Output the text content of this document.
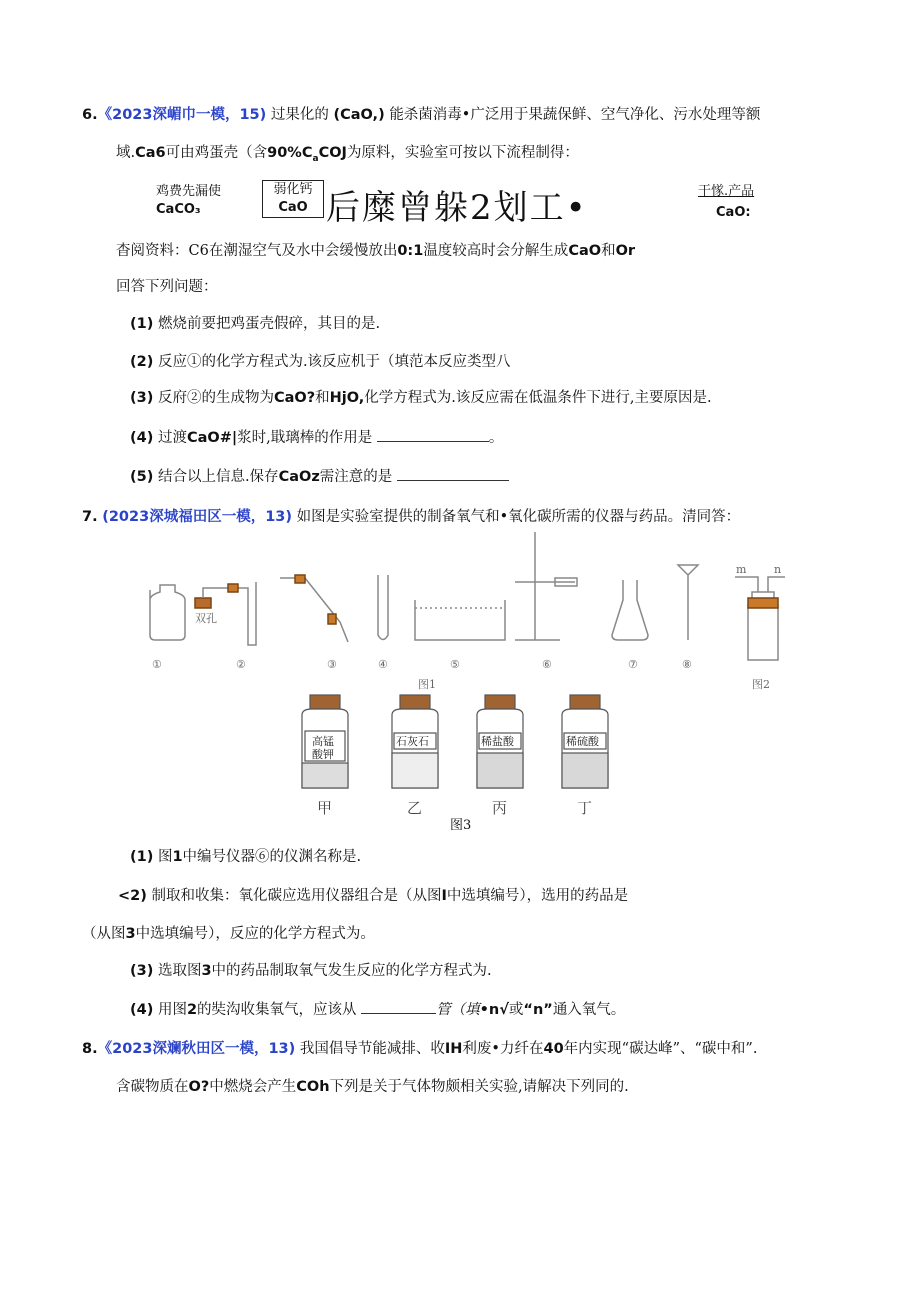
6.《2023深嵋巾一模，15) 过果化的 (CaO,) 能杀菌消毒•广泛用于果蔬保鲜、空气净化、污水处理等额
域.Ca6可由鸡蛋壳（含$90\%C_aCOJ$为原料，实验室可按以下流程制得：
鸡费先漏使
CaCO₃
弱化钙
CaO 后糜曾躲2划工•	干㥞.产品
CaO:
杳阅资料：C6在潮湿空气及水中会缓慢放出0:1温度较高时会分解生成CaO和Or
回答下列问题：
(1) 燃烧前要把鸡蛋壳假碎，其目的是.
(2) 反应①的化学方程式为.该反应机于（填范本反应类型八
(3) 反府②的生成物为CaO?和HjO,化学方程式为.该反应需在低温条件下进行,主要原因是.
(4) 过渡CaO#|浆时,戢璃棒的作用是	。
(5) 结合以上信息.保存CaOz需注意的是
7. (2023深城福田区一模，13) 如图是实验室提供的制备氧气和•氧化碳所需的仪器与药品。清同答：
①	②	③	④	⑤	⑥	⑦	⑧
双孔
图1	图2
m	n
高锰
酸钾
石灰石	稀盐酸	稀硫酸
甲	乙	丙	丁
图3
(1) 图1中编号仪器⑥的仪渊名称是.
<2) 制取和收集：氧化碳应选用仪器组合是（从图I中选填编号），选用的药品是
（从图3中选填编号），反应的化学方程式为。
(3) 选取图3中的药品制取氧气发生反应的化学方程式为.
(4) 用图2的奘沟收集氧气，应该从	管（填•n√或“n”通入氧气。
8.《2023深斓秋田区一模，13) 我国倡导节能减排、收IH利废•力纤在40年内实现“碳达峰”、“碳中和”.
含碳物质在O?中燃烧会产生COh下列是关于气体物颇相关实验,请解决下列同的.
